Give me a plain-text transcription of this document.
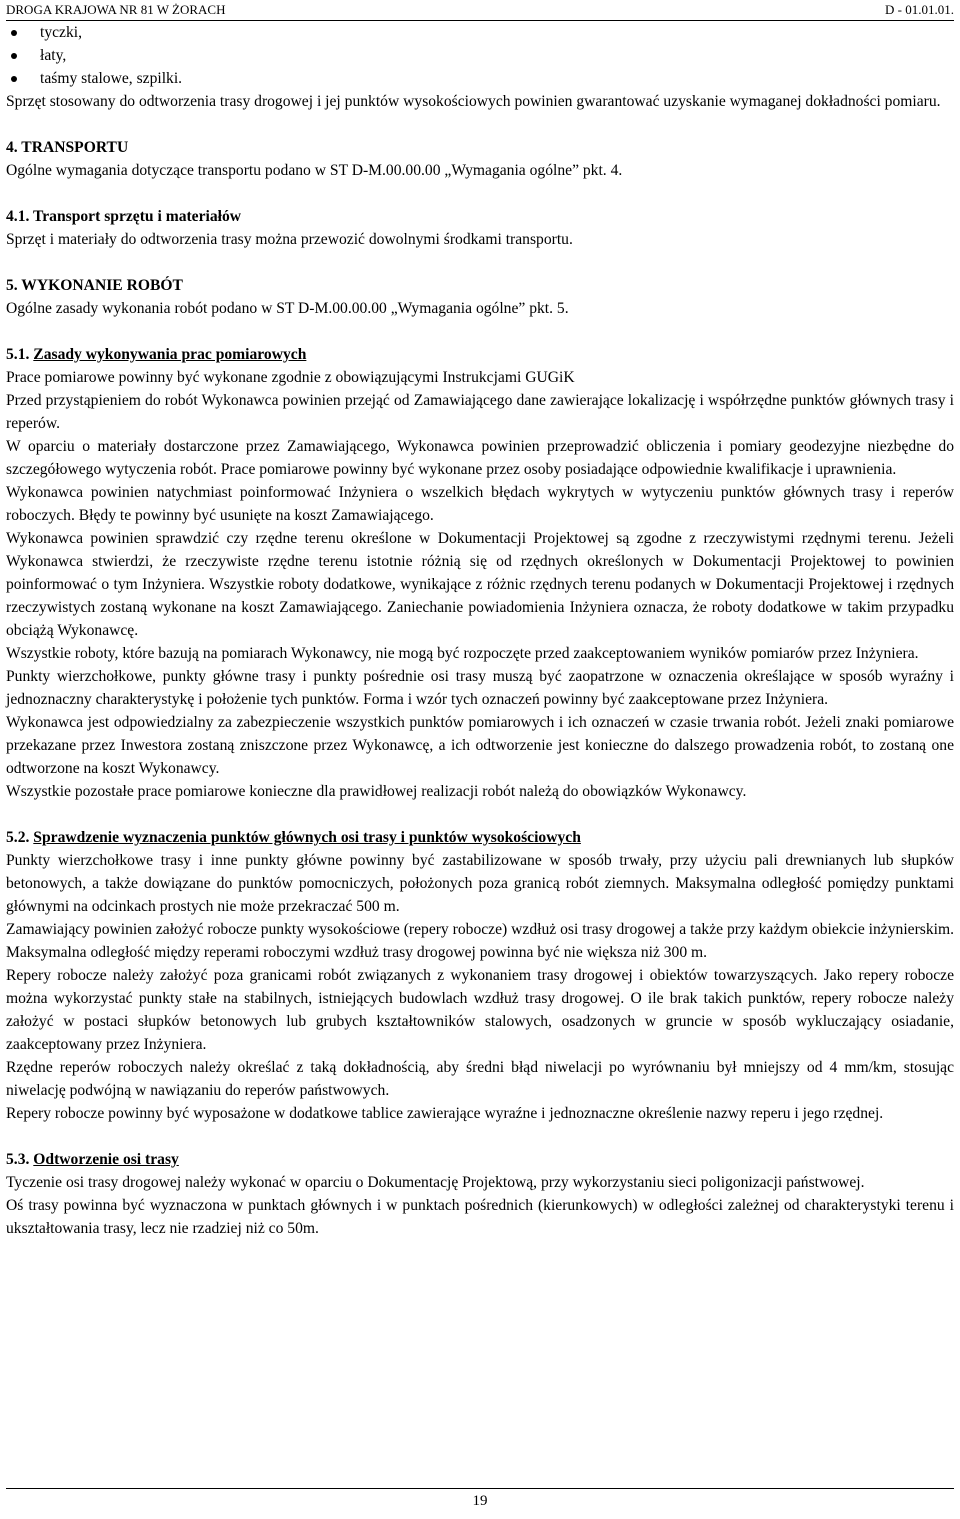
DROGA KRAJOWA NR 81 W ŻORACH	D - 01.01.01.
tyczki,
łaty,
taśmy stalowe, szpilki.

Sprzęt stosowany do odtworzenia trasy drogowej i jej punktów wysokościowych powinien gwarantować uzyskanie wymaganej dokładności pomiaru.

4. TRANSPORTU

Ogólne wymagania dotyczące transportu podano w ST D-M.00.00.00 „Wymagania ogólne” pkt. 4.

4.1. Transport sprzętu i materiałów

Sprzęt i materiały do odtworzenia trasy można przewozić dowolnymi środkami transportu.

5. WYKONANIE ROBÓT

Ogólne zasady wykonania robót podano w ST D-M.00.00.00 „Wymagania ogólne” pkt. 5.

5.1. Zasady wykonywania prac pomiarowych

Prace pomiarowe powinny być wykonane zgodnie z obowiązującymi Instrukcjami GUGiK

Przed przystąpieniem do robót Wykonawca powinien przejąć od Zamawiającego dane zawierające lokalizację i współrzędne punktów głównych trasy i reperów.

W oparciu o materiały dostarczone przez Zamawiającego, Wykonawca powinien przeprowadzić obliczenia i pomiary geodezyjne niezbędne do szczegółowego wytyczenia robót. Prace pomiarowe powinny być wykonane przez osoby posiadające odpowiednie kwalifikacje i uprawnienia.

Wykonawca powinien natychmiast poinformować Inżyniera o wszelkich błędach wykrytych w wytyczeniu punktów głównych trasy i reperów roboczych. Błędy te powinny być usunięte na koszt Zamawiającego.

Wykonawca powinien sprawdzić czy rzędne terenu określone w Dokumentacji Projektowej są zgodne z rzeczywistymi rzędnymi terenu. Jeżeli Wykonawca stwierdzi, że rzeczywiste rzędne terenu istotnie różnią się od rzędnych określonych w Dokumentacji Projektowej to powinien poinformować o tym Inżyniera. Wszystkie roboty dodatkowe, wynikające z różnic rzędnych terenu podanych w Dokumentacji Projektowej i rzędnych rzeczywistych zostaną wykonane na koszt Zamawiającego. Zaniechanie powiadomienia Inżyniera oznacza, że roboty dodatkowe w takim przypadku obciążą Wykonawcę.

Wszystkie roboty, które bazują na pomiarach Wykonawcy, nie mogą być rozpoczęte przed zaakceptowaniem wyników pomiarów przez Inżyniera.

Punkty wierzchołkowe, punkty główne trasy i punkty pośrednie osi trasy muszą być zaopatrzone w oznaczenia określające w sposób wyraźny i jednoznaczny charakterystykę i położenie tych punktów. Forma i wzór tych oznaczeń powinny być zaakceptowane przez Inżyniera.

Wykonawca jest odpowiedzialny za zabezpieczenie wszystkich punktów pomiarowych i ich oznaczeń w czasie trwania robót. Jeżeli znaki pomiarowe przekazane przez Inwestora zostaną zniszczone przez Wykonawcę, a ich odtworzenie jest konieczne do dalszego prowadzenia robót, to zostaną one odtworzone na koszt Wykonawcy.

Wszystkie pozostałe prace pomiarowe konieczne dla prawidłowej realizacji robót należą do obowiązków Wykonawcy.

5.2. Sprawdzenie wyznaczenia punktów głównych osi trasy i punktów wysokościowych

Punkty wierzchołkowe trasy i inne punkty główne powinny być zastabilizowane w sposób trwały, przy użyciu pali drewnianych lub słupków betonowych, a także dowiązane do punktów pomocniczych, położonych poza granicą robót ziemnych. Maksymalna odległość pomiędzy punktami głównymi na odcinkach prostych nie może przekraczać 500 m.

Zamawiający powinien założyć robocze punkty wysokościowe (repery robocze) wzdłuż osi trasy drogowej a także przy każdym obiekcie inżynierskim. Maksymalna odległość między reperami roboczymi wzdłuż trasy drogowej powinna być nie większa niż 300 m.

Repery robocze należy założyć poza granicami robót związanych z wykonaniem trasy drogowej i obiektów towarzyszących. Jako repery robocze można wykorzystać punkty stałe na stabilnych, istniejących budowlach wzdłuż trasy drogowej. O ile brak takich punktów, repery robocze należy założyć w postaci słupków betonowych lub grubych kształtowników stalowych, osadzonych w gruncie w sposób wykluczający osiadanie, zaakceptowany przez Inżyniera.

Rzędne reperów roboczych należy określać z taką dokładnością, aby średni błąd niwelacji po wyrównaniu był mniejszy od 4 mm/km, stosując niwelację podwójną w nawiązaniu do reperów państwowych.

Repery robocze powinny być wyposażone w dodatkowe tablice zawierające wyraźne i jednoznaczne określenie nazwy reperu i jego rzędnej.

5.3. Odtworzenie osi trasy

Tyczenie osi trasy drogowej należy wykonać w oparciu o Dokumentację Projektową, przy wykorzystaniu sieci poligonizacji państwowej.

Oś trasy powinna być wyznaczona w punktach głównych i w punktach pośrednich (kierunkowych) w odległości zależnej od charakterystyki terenu i ukształtowania trasy, lecz nie rzadziej niż co 50m.

19
